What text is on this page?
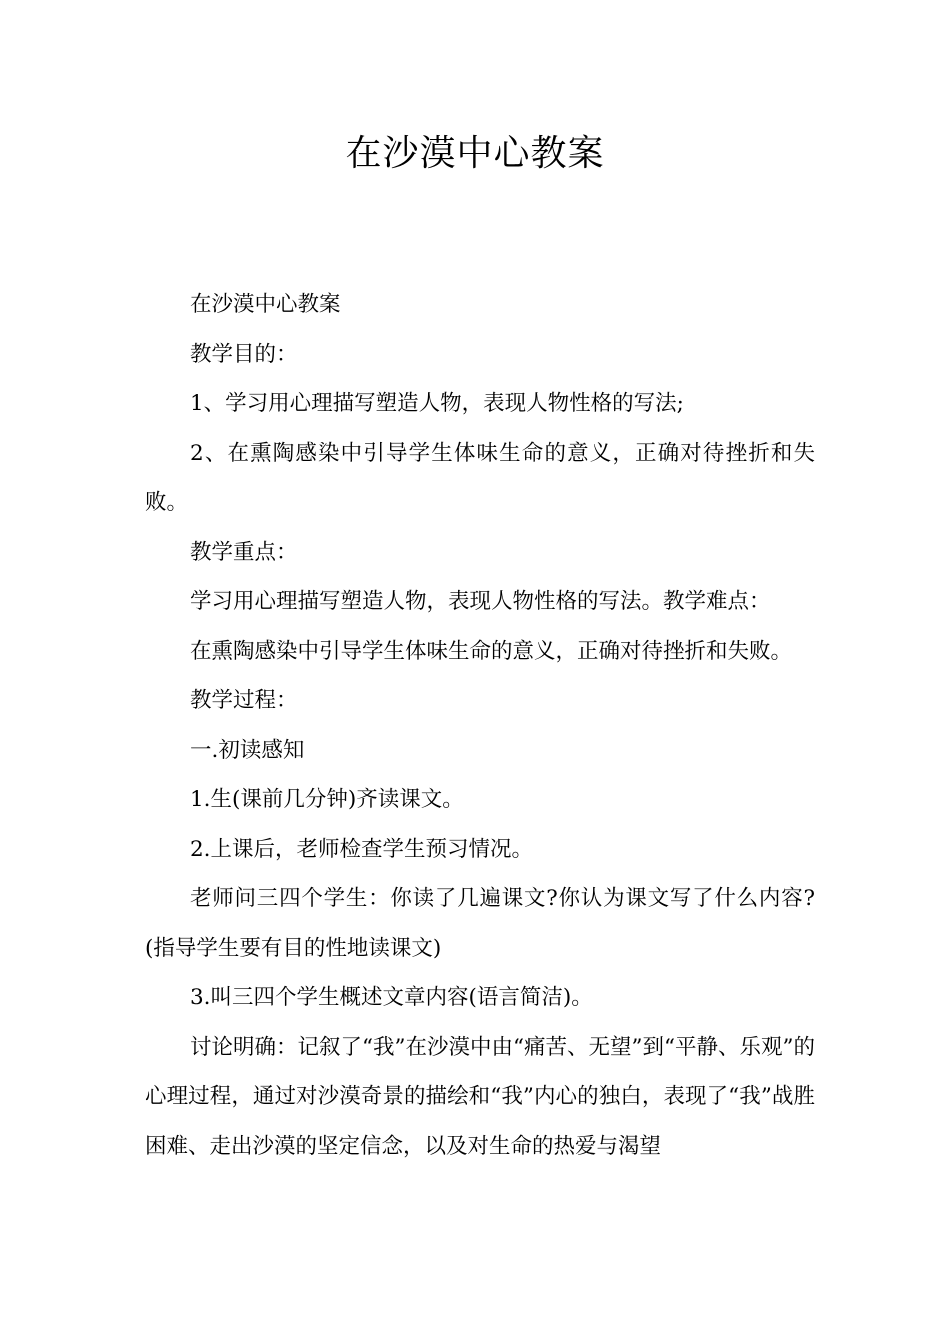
在沙漠中心教案

在沙漠中心教案

教学目的：

1、学习用心理描写塑造人物，表现人物性格的写法;

2、在熏陶感染中引导学生体味生命的意义，正确对待挫折和失败。

教学重点：

学习用心理描写塑造人物，表现人物性格的写法。教学难点：

在熏陶感染中引导学生体味生命的意义，正确对待挫折和失败。

教学过程：

一.初读感知

1.生(课前几分钟)齐读课文。

2.上课后，老师检查学生预习情况。

老师问三四个学生：你读了几遍课文?你认为课文写了什么内容?(指导学生要有目的性地读课文)

3.叫三四个学生概述文章内容(语言简洁)。

讨论明确：记叙了“我”在沙漠中由“痛苦、无望”到“平静、乐观”的心理过程，通过对沙漠奇景的描绘和“我”内心的独白，表现了“我”战胜困难、走出沙漠的坚定信念，以及对生命的热爱与渴望
